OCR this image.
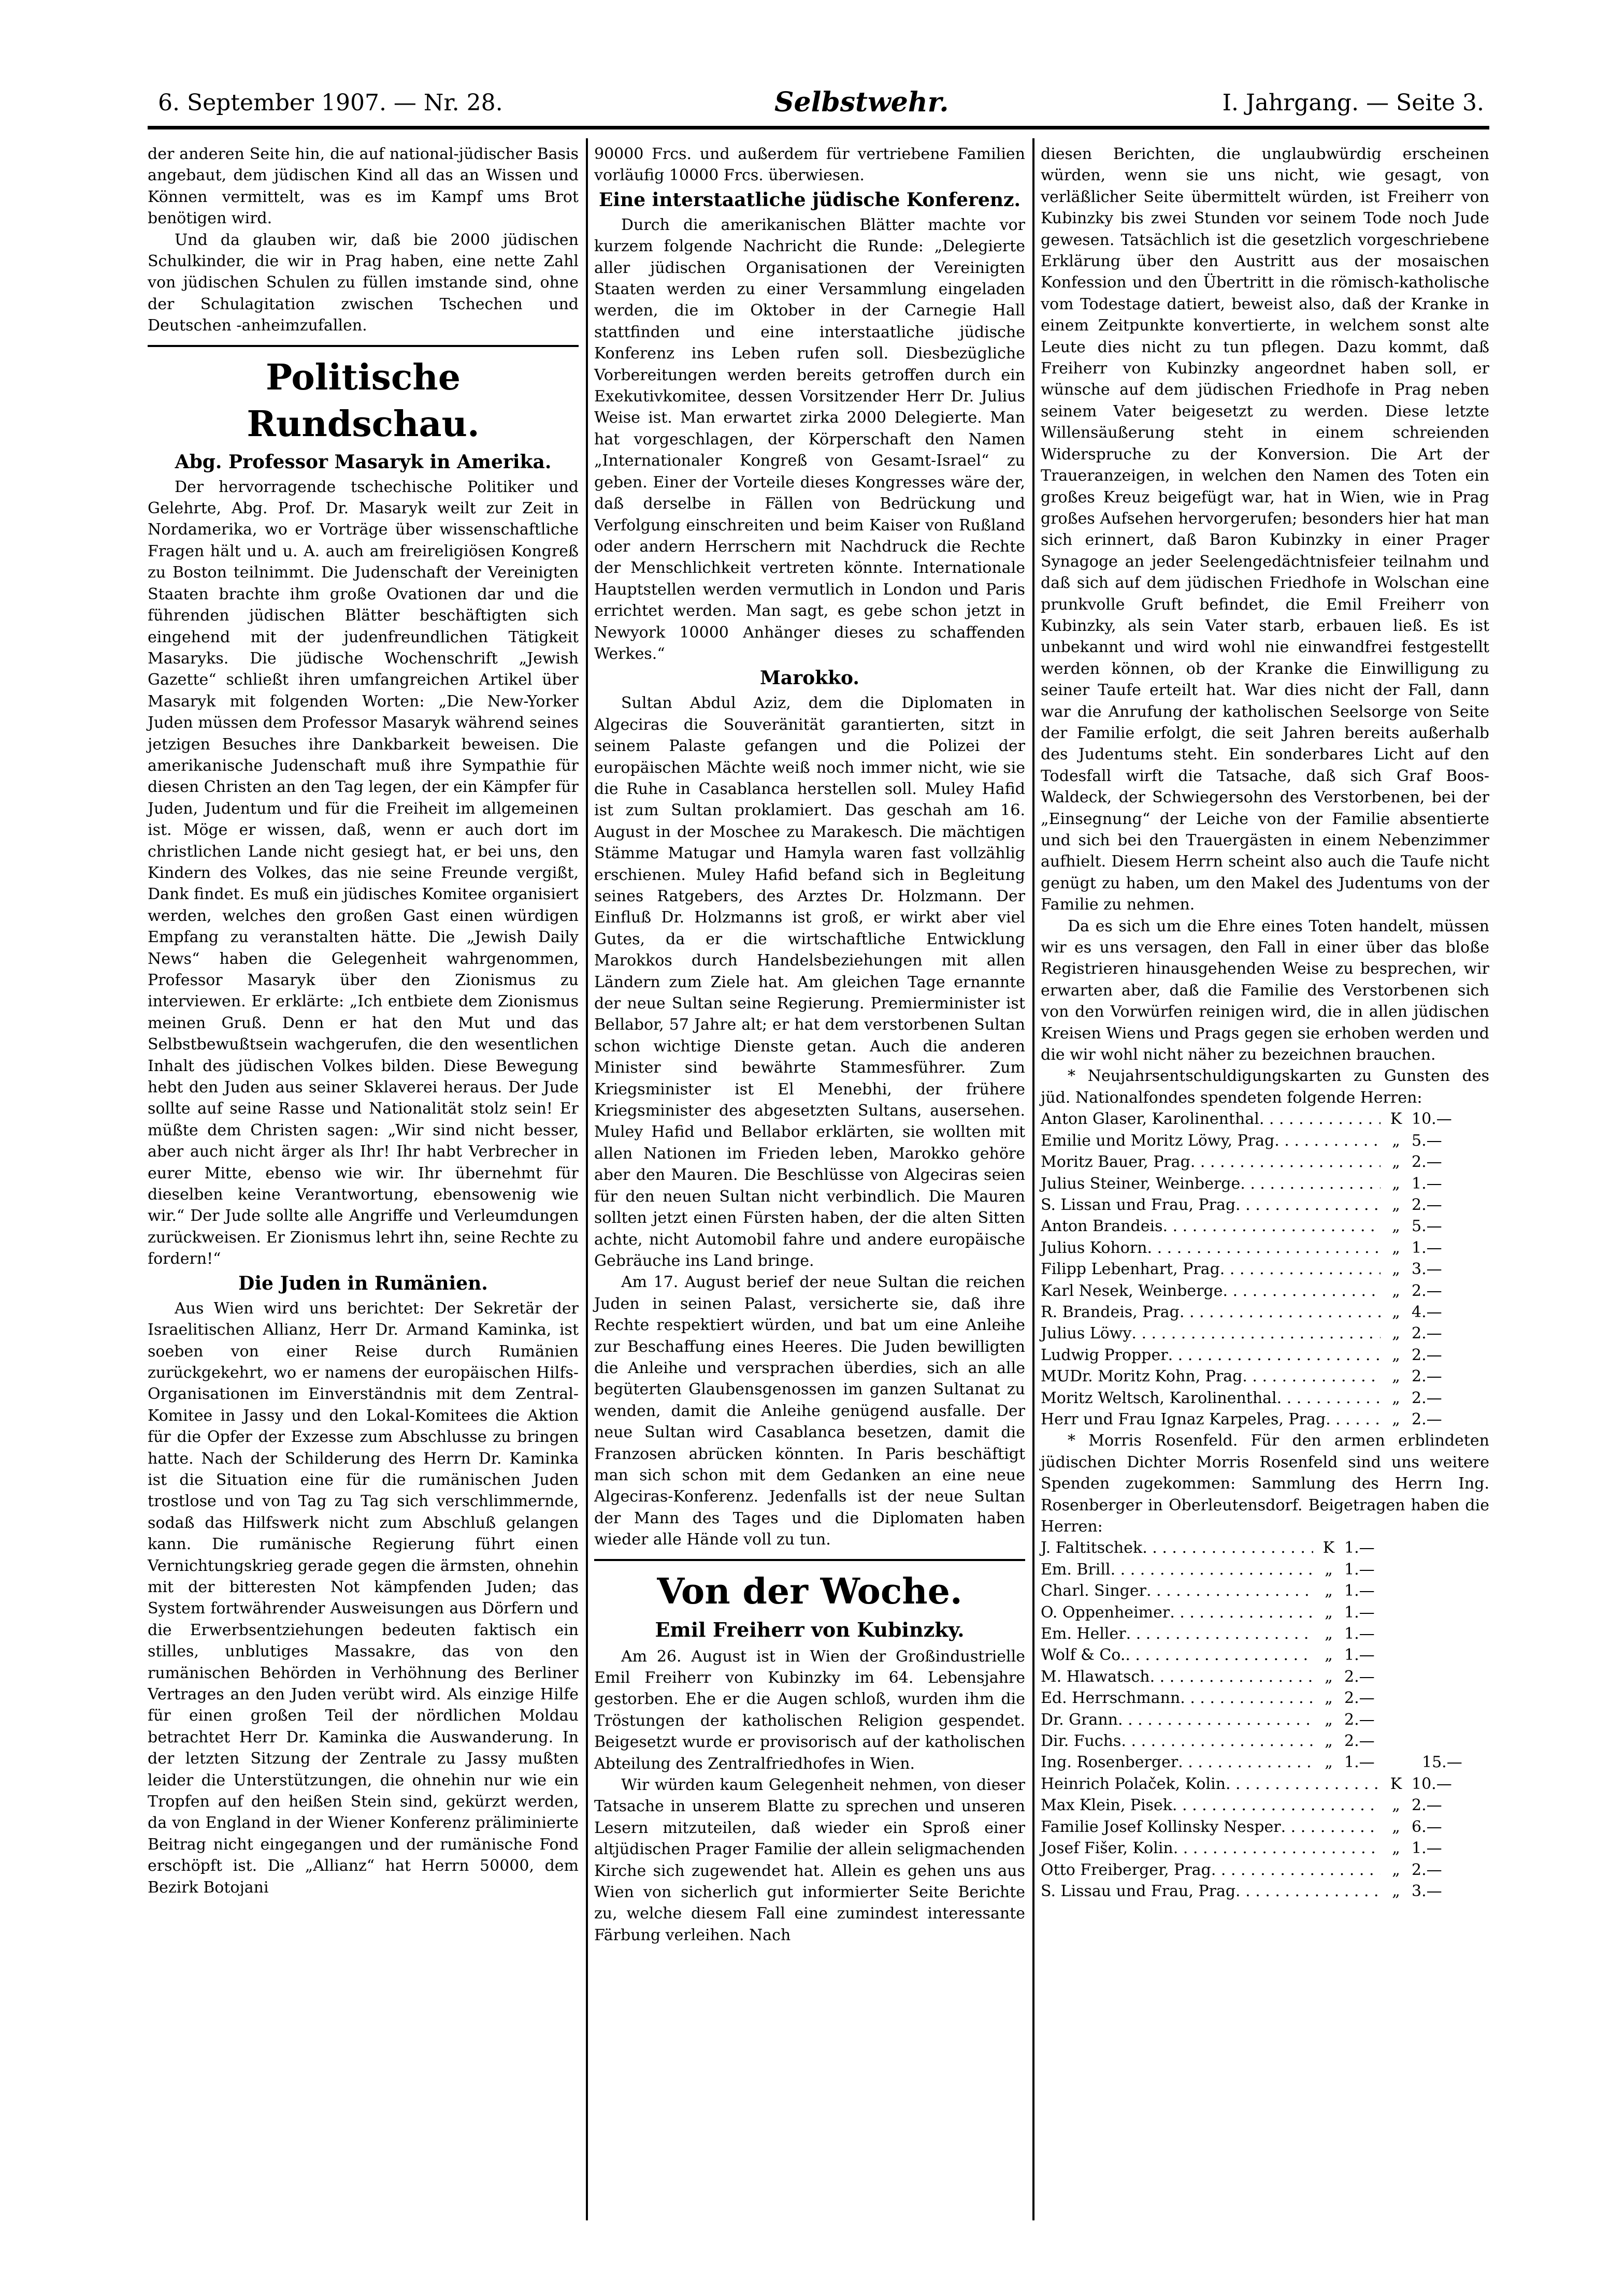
6. September 1907. — Nr. 28.	Selbstwehr.	I. Jahrgang. — Seite 3.

der anderen Seite hin, die auf national-jüdischer Basis angebaut, dem jüdischen Kind all das an Wissen und Können vermittelt, was es im Kampf ums Brot benötigen wird.

Und da glauben wir, daß bie 2000 jüdischen Schulkinder, die wir in Prag haben, eine nette Zahl von jüdischen Schulen zu füllen imstande sind, ohne der Schulagitation zwischen Tschechen und Deutschen -anheimzufallen.

Politische Rundschau.
Abg. Professor Masaryk in Amerika.

Der hervorragende tschechische Politiker und Gelehrte, Abg. Prof. Dr. Masaryk weilt zur Zeit in Nordamerika, wo er Vorträge über wissenschaftliche Fragen hält und u. A. auch am freireligiösen Kongreß zu Boston teilnimmt. Die Judenschaft der Vereinigten Staaten brachte ihm große Ovationen dar und die führenden jüdischen Blätter beschäftigten sich eingehend mit der judenfreundlichen Tätigkeit Masaryks. Die jüdische Wochenschrift „Jewish Gazette“ schließt ihren umfangreichen Artikel über Masaryk mit folgenden Worten: „Die New-Yorker Juden müssen dem Professor Masaryk während seines jetzigen Besuches ihre Dankbarkeit beweisen. Die amerikanische Judenschaft muß ihre Sympathie für diesen Christen an den Tag legen, der ein Kämpfer für Juden, Judentum und für die Freiheit im allgemeinen ist. Möge er wissen, daß, wenn er auch dort im christlichen Lande nicht gesiegt hat, er bei uns, den Kindern des Volkes, das nie seine Freunde vergißt, Dank findet. Es muß ein jüdisches Komitee organisiert werden, welches den großen Gast einen würdigen Empfang zu veranstalten hätte. Die „Jewish Daily News“ haben die Gelegenheit wahrgenommen, Professor Masaryk über den Zionismus zu interviewen. Er erklärte: „Ich entbiete dem Zionismus meinen Gruß. Denn er hat den Mut und das Selbstbewußtsein wachgerufen, die den wesentlichen Inhalt des jüdischen Volkes bilden. Diese Bewegung hebt den Juden aus seiner Sklaverei heraus. Der Jude sollte auf seine Rasse und Nationalität stolz sein! Er müßte dem Christen sagen: „Wir sind nicht besser, aber auch nicht ärger als Ihr! Ihr habt Verbrecher in eurer Mitte, ebenso wie wir. Ihr übernehmt für dieselben keine Verantwortung, ebensowenig wie wir.“ Der Jude sollte alle Angriffe und Verleumdungen zurückweisen. Er Zionismus lehrt ihn, seine Rechte zu fordern!“

Die Juden in Rumänien.

Aus Wien wird uns berichtet: Der Sekretär der Israelitischen Allianz, Herr Dr. Armand Kaminka, ist soeben von einer Reise durch Rumänien zurückgekehrt, wo er namens der europäischen Hilfs-Organisationen im Einverständnis mit dem Zentral-Komitee in Jassy und den Lokal-Komitees die Aktion für die Opfer der Exzesse zum Abschlusse zu bringen hatte. Nach der Schilderung des Herrn Dr. Kaminka ist die Situation eine für die rumänischen Juden trostlose und von Tag zu Tag sich verschlimmernde, sodaß das Hilfswerk nicht zum Abschluß gelangen kann. Die rumänische Regierung führt einen Vernichtungskrieg gerade gegen die ärmsten, ohnehin mit der bitteresten Not kämpfenden Juden; das System fortwährender Ausweisungen aus Dörfern und die Erwerbsentziehungen bedeuten faktisch ein stilles, unblutiges Massakre, das von den rumänischen Behörden in Verhöhnung des Berliner Vertrages an den Juden verübt wird. Als einzige Hilfe für einen großen Teil der nördlichen Moldau betrachtet Herr Dr. Kaminka die Auswanderung. In der letzten Sitzung der Zentrale zu Jassy mußten leider die Unterstützungen, die ohnehin nur wie ein Tropfen auf den heißen Stein sind, gekürzt werden, da von England in der Wiener Konferenz präliminierte Beitrag nicht eingegangen und der rumänische Fond erschöpft ist. Die „Allianz“ hat Herrn 50000, dem Bezirk Botojani

90000 Frcs. und außerdem für vertriebene Familien vorläufig 10000 Frcs. überwiesen.

Eine interstaatliche jüdische Konferenz.

Durch die amerikanischen Blätter machte vor kurzem folgende Nachricht die Runde: „Delegierte aller jüdischen Organisationen der Vereinigten Staaten werden zu einer Versammlung eingeladen werden, die im Oktober in der Carnegie Hall stattfinden und eine interstaatliche jüdische Konferenz ins Leben rufen soll. Diesbezügliche Vorbereitungen werden bereits getroffen durch ein Exekutivkomitee, dessen Vorsitzender Herr Dr. Julius Weise ist. Man erwartet zirka 2000 Delegierte. Man hat vorgeschlagen, der Körperschaft den Namen „Internationaler Kongreß von Gesamt-Israel“ zu geben. Einer der Vorteile dieses Kongresses wäre der, daß derselbe in Fällen von Bedrückung und Verfolgung einschreiten und beim Kaiser von Rußland oder andern Herrschern mit Nachdruck die Rechte der Menschlichkeit vertreten könnte. Internationale Hauptstellen werden vermutlich in London und Paris errichtet werden. Man sagt, es gebe schon jetzt in Newyork 10000 Anhänger dieses zu schaffenden Werkes.“

Marokko.

Sultan Abdul Aziz, dem die Diplomaten in Algeciras die Souveränität garantierten, sitzt in seinem Palaste gefangen und die Polizei der europäischen Mächte weiß noch immer nicht, wie sie die Ruhe in Casablanca herstellen soll. Muley Hafid ist zum Sultan proklamiert. Das geschah am 16. August in der Moschee zu Marakesch. Die mächtigen Stämme Matugar und Hamyla waren fast vollzählig erschienen. Muley Hafid befand sich in Begleitung seines Ratgebers, des Arztes Dr. Holzmann. Der Einfluß Dr. Holzmanns ist groß, er wirkt aber viel Gutes, da er die wirtschaftliche Entwicklung Marokkos durch Handelsbeziehungen mit allen Ländern zum Ziele hat. Am gleichen Tage ernannte der neue Sultan seine Regierung. Premierminister ist Bellabor, 57 Jahre alt; er hat dem verstorbenen Sultan schon wichtige Dienste getan. Auch die anderen Minister sind bewährte Stammesführer. Zum Kriegsminister ist El Menebhi, der frühere Kriegsminister des abgesetzten Sultans, ausersehen. Muley Hafid und Bellabor erklärten, sie wollten mit allen Nationen im Frieden leben, Marokko gehöre aber den Mauren. Die Beschlüsse von Algeciras seien für den neuen Sultan nicht verbindlich. Die Mauren sollten jetzt einen Fürsten haben, der die alten Sitten achte, nicht Automobil fahre und andere europäische Gebräuche ins Land bringe.

Am 17. August berief der neue Sultan die reichen Juden in seinen Palast, versicherte sie, daß ihre Rechte respektiert würden, und bat um eine Anleihe zur Beschaffung eines Heeres. Die Juden bewilligten die Anleihe und versprachen überdies, sich an alle begüterten Glaubensgenossen im ganzen Sultanat zu wenden, damit die Anleihe genügend ausfalle. Der neue Sultan wird Casablanca besetzen, damit die Franzosen abrücken könnten. In Paris beschäftigt man sich schon mit dem Gedanken an eine neue Algeciras-Konferenz. Jedenfalls ist der neue Sultan der Mann des Tages und die Diplomaten haben wieder alle Hände voll zu tun.

Von der Woche.
Emil Freiherr von Kubinzky.

Am 26. August ist in Wien der Großindustrielle Emil Freiherr von Kubinzky im 64. Lebensjahre gestorben. Ehe er die Augen schloß, wurden ihm die Tröstungen der katholischen Religion gespendet. Beigesetzt wurde er provisorisch auf der katholischen Abteilung des Zentralfriedhofes in Wien.

Wir würden kaum Gelegenheit nehmen, von dieser Tatsache in unserem Blatte zu sprechen und unseren Lesern mitzuteilen, daß wieder ein Sproß einer altjüdischen Prager Familie der allein seligmachenden Kirche sich zugewendet hat. Allein es gehen uns aus Wien von sicherlich gut informierter Seite Berichte zu, welche diesem Fall eine zumindest interessante Färbung verleihen. Nach

diesen Berichten, die unglaubwürdig erscheinen würden, wenn sie uns nicht, wie gesagt, von verläßlicher Seite übermittelt würden, ist Freiherr von Kubinzky bis zwei Stunden vor seinem Tode noch Jude gewesen. Tatsächlich ist die gesetzlich vorgeschriebene Erklärung über den Austritt aus der mosaischen Konfession und den Übertritt in die römisch-katholische vom Todestage datiert, beweist also, daß der Kranke in einem Zeitpunkte konvertierte, in welchem sonst alte Leute dies nicht zu tun pflegen. Dazu kommt, daß Freiherr von Kubinzky angeordnet haben soll, er wünsche auf dem jüdischen Friedhofe in Prag neben seinem Vater beigesetzt zu werden. Diese letzte Willensäußerung steht in einem schreienden Widerspruche zu der Konversion. Die Art der Traueranzeigen, in welchen den Namen des Toten ein großes Kreuz beigefügt war, hat in Wien, wie in Prag großes Aufsehen hervorgerufen; besonders hier hat man sich erinnert, daß Baron Kubinzky in einer Prager Synagoge an jeder Seelengedächtnisfeier teilnahm und daß sich auf dem jüdischen Friedhofe in Wolschan eine prunkvolle Gruft befindet, die Emil Freiherr von Kubinzky, als sein Vater starb, erbauen ließ. Es ist unbekannt und wird wohl nie einwandfrei festgestellt werden können, ob der Kranke die Einwilligung zu seiner Taufe erteilt hat. War dies nicht der Fall, dann war die Anrufung der katholischen Seelsorge von Seite der Familie erfolgt, die seit Jahren bereits außerhalb des Judentums steht. Ein sonderbares Licht auf den Todesfall wirft die Tatsache, daß sich Graf Boos-Waldeck, der Schwiegersohn des Verstorbenen, bei der „Einsegnung“ der Leiche von der Familie absentierte und sich bei den Trauergästen in einem Nebenzimmer aufhielt. Diesem Herrn scheint also auch die Taufe nicht genügt zu haben, um den Makel des Judentums von der Familie zu nehmen.

Da es sich um die Ehre eines Toten handelt, müssen wir es uns versagen, den Fall in einer über das bloße Registrieren hinausgehenden Weise zu besprechen, wir erwarten aber, daß die Familie des Verstorbenen sich von den Vorwürfen reinigen wird, die in allen jüdischen Kreisen Wiens und Prags gegen sie erhoben werden und die wir wohl nicht näher zu bezeichnen brauchen.

* Neujahrsentschuldigungskarten zu Gunsten des jüd. Nationalfondes spendeten folgende Herren:

Anton Glaser, Karolinenthal . . .	K 10.—
Emilie und Moritz Löwy, Prag . . .	„ 5.—
Moritz Bauer, Prag . . .	„ 2.—
Julius Steiner, Weinberge . . .	„ 1.—
S. Lissan und Frau, Prag . . .	„ 2.—
Anton Brandeis . . .	„ 5.—
Julius Kohorn . . .	„ 1.—
Filipp Lebenhart, Prag . . .	„ 3.—
Karl Nesek, Weinberge . . .	„ 2.—
R. Brandeis, Prag . . .	„ 4.—
Julius Löwy . . .	„ 2.—
Ludwig Propper . . .	„ 2.—
MUDr. Moritz Kohn, Prag . . .	„ 2.—
Moritz Weltsch, Karolinenthal . . .	„ 2.—
Herr und Frau Ignaz Karpeles, Prag . . .	„ 2.—

* Morris Rosenfeld. Für den armen erblindeten jüdischen Dichter Morris Rosenfeld sind uns weitere Spenden zugekommen: Sammlung des Herrn Ing. Rosenberger in Oberleutensdorf. Beigetragen haben die Herren:

J. Faltitschek . . .	K 1.—
Em. Brill . . .	„ 1.—
Charl. Singer . . .	„ 1.—
O. Oppenheimer . . .	„ 1.—
Em. Heller . . .	„ 1.—
Wolf & Co. . . .	„ 1.—
M. Hlawatsch . . .	„ 2.—
Ed. Herrschmann . . .	„ 2.—
Dr. Grann . . .	„ 2.—
Dir. Fuchs . . .	„ 2.—
Ing. Rosenberger . . .	„ 1.—	15.—
Heinrich Polaček, Kolin . . .	K 10.—
Max Klein, Pisek . . .	„ 2.—
Familie Josef Kollinsky Nesper . . .	„ 6.—
Josef Fišer, Kolin . . .	„ 1.—
Otto Freiberger, Prag . . .	„ 2.—
S. Lissau und Frau, Prag . . .	„ 3.—
